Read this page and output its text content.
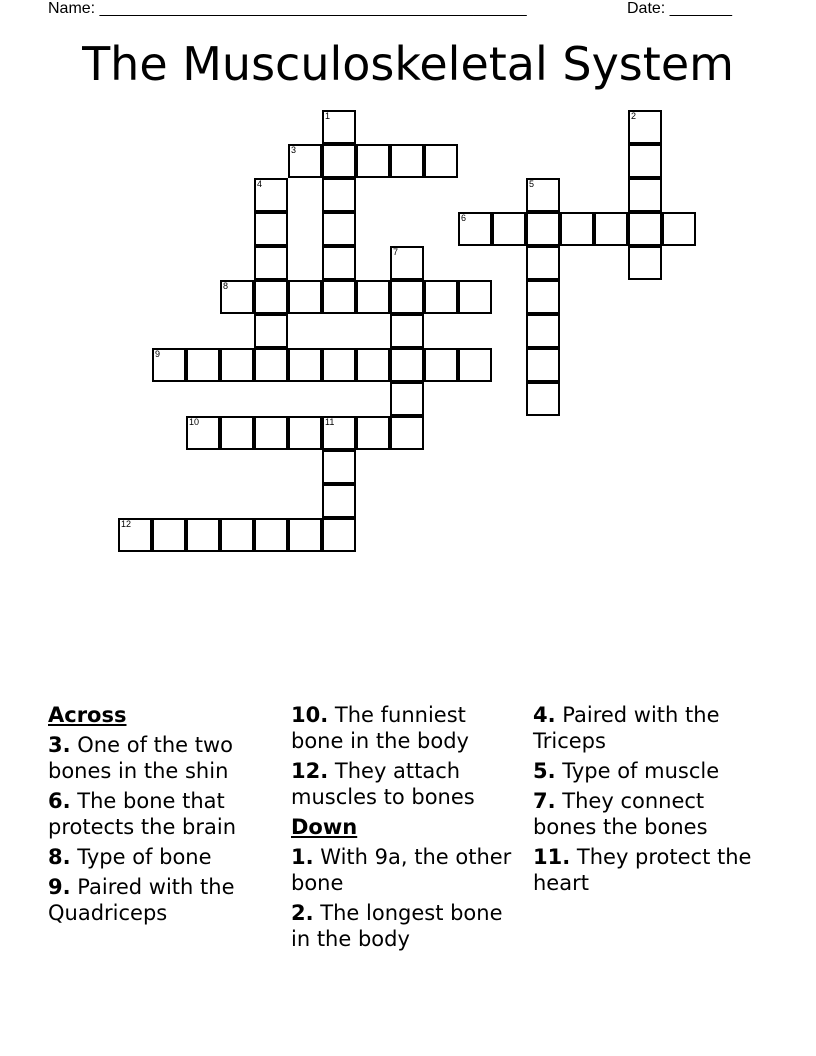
Name: ________________________________________________	Date: _______
The Musculoskeletal System
1	2
3
4	5
6
7
8
9
10	11
12
Across
3. One of the two bones in the shin
6. The bone that protects the brain
8. Type of bone
9. Paired with the Quadriceps
10. The funniest bone in the body
12. They attach muscles to bones
Down
1. With 9a, the other bone
2. The longest bone in the body
4. Paired with the Triceps
5. Type of muscle
7. They connect bones the bones
11. They protect the heart
